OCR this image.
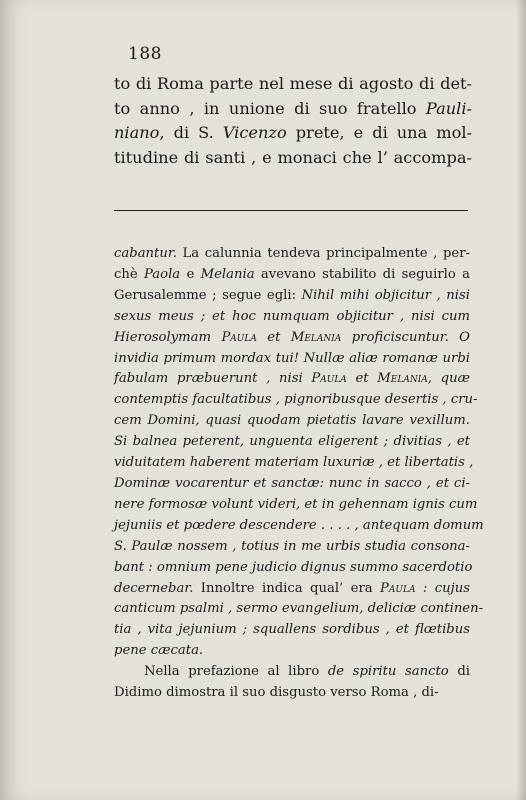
188
to di Roma parte nel mese di agosto di det-
to anno , in unione di suo fratello Pauli-
niano, di S. Vicenzo prete, e di una mol-
titudine di santi , e monaci che l’ accompa-
cabantur. La calunnia tendeva principalmente , per-
chè Paola e Melania avevano stabilito di seguirlo a
Gerusalemme ; segue egli: Nihil mihi objicitur , nisi
sexus meus ; et hoc numquam objicitur , nisi cum
Hierosolymam Paula et Melania proficiscuntur. O
invidia primum mordax tui! Nullæ aliæ romanæ urbi
fabulam præbuerunt , nisi Paula et Melania, quæ
contemptis facultatibus , pignoribusque desertis , cru-
cem Domini, quasi quodam pietatis lavare vexillum.
Si balnea peterent, unguenta eligerent ; divitias , et
viduitatem haberent materiam luxuriæ , et libertatis ,
Dominæ vocarentur et sanctæ: nunc in sacco , et ci-
nere formosæ volunt videri, et in gehennam ignis cum
jejuniis et pœdere descendere . . . . , antequam domum
S. Paulæ nossem , totius in me urbis studia consona-
bant : omnium pene judicio dignus summo sacerdotio
decernebar. Innoltre indica qual’ era Paula : cujus
canticum psalmi , sermo evangelium, deliciæ continen-
tia , vita jejunium ; squallens sordibus , et flœtibus
pene cæcata.
Nella prefazione al libro de spiritu sancto di
Didimo dimostra il suo disgusto verso Roma , di-
